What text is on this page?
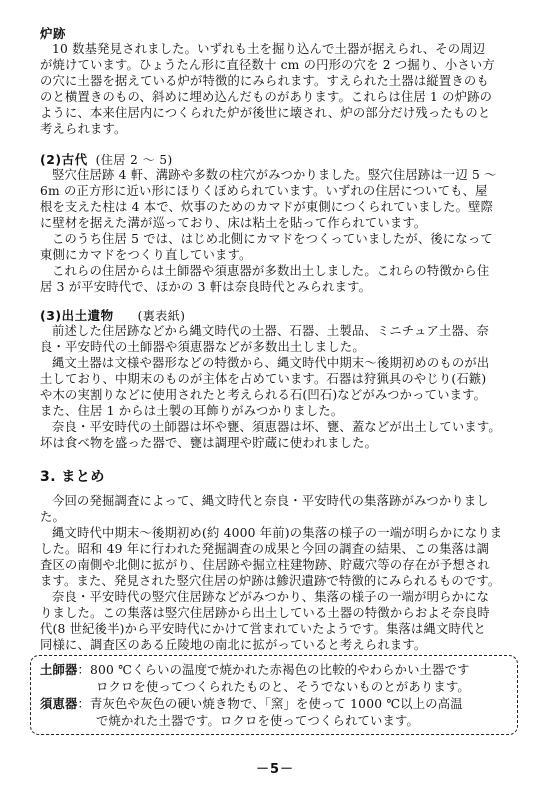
炉跡
10 数基発見されました。いずれも土を掘り込んで土器が据えられ、その周辺
が焼けています。ひょうたん形に直径数十 cm の円形の穴を 2 つ掘り、小さい方
の穴に土器を据えている炉が特徴的にみられます。すえられた土器は縦置きのも
のと横置きのもの、斜めに埋め込んだものがあります。これらは住居 1 の炉跡の
ように、本来住居内につくられた炉が後世に壊され、炉の部分だけ残ったものと
考えられます。
(2)古代 (住居 2 ～ 5)
竪穴住居跡 4 軒、溝跡や多数の柱穴がみつかりました。竪穴住居跡は一辺 5 ～
6m の正方形に近い形にほりくぼめられています。いずれの住居についても、屋
根を支えた柱は 4 本で、炊事のためのカマドが東側につくられていました。壁際
に壁材を据えた溝が巡っており、床は粘土を貼って作られています。
このうち住居 5 では、はじめ北側にカマドをつくっていましたが、後になって
東側にカマドをつくり直しています。
これらの住居からは土師器や須恵器が多数出土しました。これらの特徴から住
居 3 が平安時代で、ほかの 3 軒は奈良時代とみられます。
(3)出土遺物 (裏表紙)
前述した住居跡などから縄文時代の土器、石器、土製品、ミニチュア土器、奈
良・平安時代の土師器や須恵器などが多数出土しました。
縄文土器は文様や器形などの特徴から、縄文時代中期末～後期初めのものが出
土しており、中期末のものが主体を占めています。石器は狩猟具のやじり(石鏃)
や木の実割りなどに使用されたと考えられる石(凹石)などがみつかっています。
また、住居 1 からは土製の耳飾りがみつかりました。
奈良・平安時代の土師器は坏や甕、須恵器は坏、甕、蓋などが出土しています。
坏は食べ物を盛った器で、甕は調理や貯蔵に使われました。
3. まとめ
今回の発掘調査によって、縄文時代と奈良・平安時代の集落跡がみつかりまし
た。
縄文時代中期末～後期初め(約 4000 年前)の集落の様子の一端が明らかになりま
した。昭和 49 年に行われた発掘調査の成果と今回の調査の結果、この集落は調
査区の南側や北側に拡がり、住居跡や掘立柱建物跡、貯蔵穴等の存在が予想され
ます。また、発見された竪穴住居の炉跡は鯵沢遺跡で特徴的にみられるものです。
奈良・平安時代の竪穴住居跡などがみつかり、集落の様子の一端が明らかにな
りました。この集落は竪穴住居跡から出土している土器の特徴からおよそ奈良時
代(8 世紀後半)から平安時代にかけて営まれていたようです。集落は縄文時代と
同様に、調査区のある丘陵地の南北に拡がっていると考えられます。
土師器：800 ℃くらいの温度で焼かれた赤褐色の比較的やわらかい土器です
ロクロを使ってつくられたものと、そうでないものとがあります。
須恵器：青灰色や灰色の硬い焼き物で、「窯」を使って 1000 ℃以上の高温
で焼かれた土器です。ロクロを使ってつくられています。
－5－
